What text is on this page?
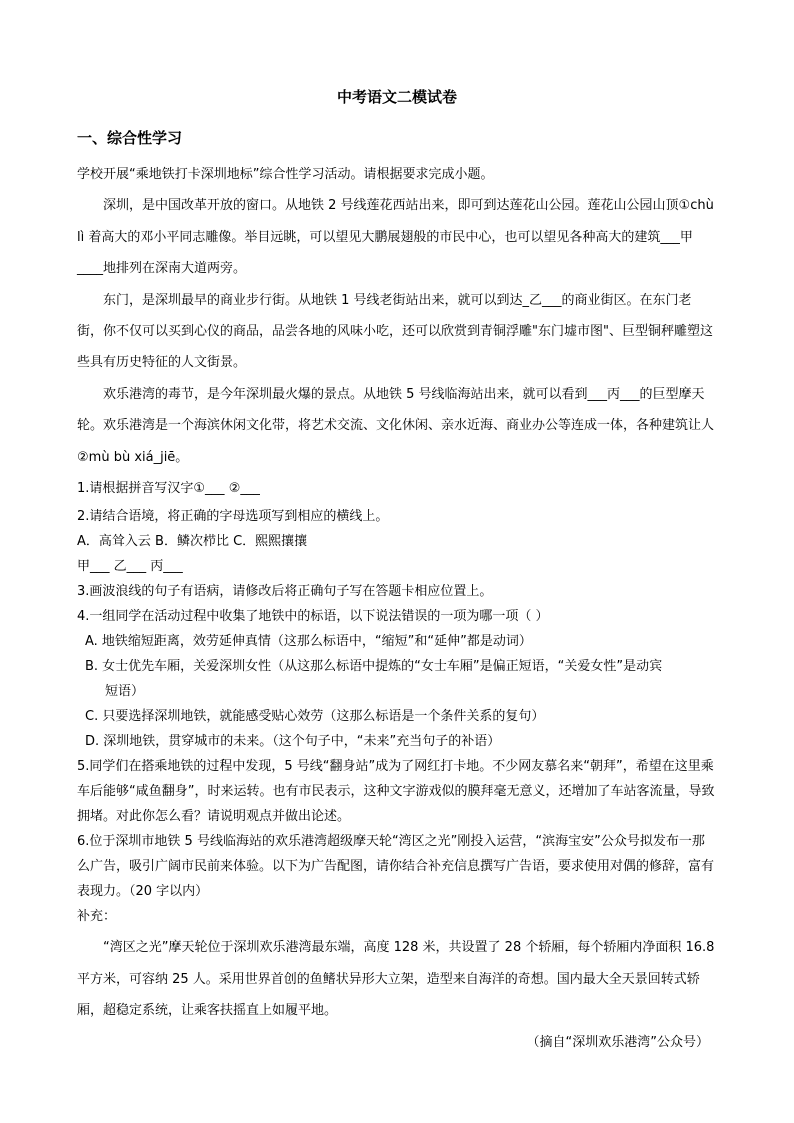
中考语文二模试卷
一、综合性学习

学校开展“乘地铁打卡深圳地标”综合性学习活动。请根据要求完成小题。

深圳，是中国改革开放的窗口。从地铁 2 号线莲花西站出来，即可到达莲花山公园。莲花山公园山顶①chù lì 着高大的邓小平同志雕像。举目远眺，可以望见大鹏展翅般的市民中心，也可以望见各种高大的建筑___甲____地排列在深南大道两旁。

东门，是深圳最早的商业步行街。从地铁 1 号线老街站出来，就可以到达_乙___的商业街区。在东门老街，你不仅可以买到心仪的商品，品尝各地的风味小吃，还可以欣赏到青铜浮雕"东门墟市图"、巨型铜秤雕塑这些具有历史特征的人文街景。

欢乐港湾的毒节，是今年深圳最火爆的景点。从地铁 5 号线临海站出来，就可以看到___丙___的巨型摩天轮。欢乐港湾是一个海滨休闲文化带，将艺术交流、文化休闲、亲水近海、商业办公等连成一体，各种建筑让人②mù bù xiá_jiē。

1.请根据拼音写汉字①___ ②___

2.请结合语境，将正确的字母选项写到相应的横线上。

A．高耸入云 B．鳞次栉比 C．熙熙攘攘

甲___ 乙___ 丙___

3.画波浪线的句子有语病，请修改后将正确句子写在答题卡相应位置上。

4.一组同学在活动过程中收集了地铁中的标语，以下说法错误的一项为哪一项（ ）

A. 地铁缩短距离，效劳延伸真情（这那么标语中，“缩短”和“延伸”都是动词）

B. 女士优先车厢，关爱深圳女性（从这那么标语中提炼的“女士车厢”是偏正短语，“关爱女性”是动宾

短语）

C. 只要选择深圳地铁，就能感受贴心效劳（这那么标语是一个条件关系的复句）

D. 深圳地铁，贯穿城市的未来。（这个句子中，“未来”充当句子的补语）

5.同学们在搭乘地铁的过程中发现，5 号线“翻身站”成为了网红打卡地。不少网友慕名来“朝拜”，希望在这里乘车后能够“咸鱼翻身”，时来运转。也有市民表示，这种文字游戏似的膜拜毫无意义，还增加了车站客流量，导致拥堵。对此你怎么看？请说明观点并做出论述。

6.位于深圳市地铁 5 号线临海站的欢乐港湾超级摩天轮“湾区之光”刚投入运营，“滨海宝安”公众号拟发布一那么广告，吸引广阔市民前来体验。以下为广告配图，请你结合补充信息撰写广告语，要求使用对偶的修辞，富有表现力。（20 字以内）

补充：

“湾区之光”摩天轮位于深圳欢乐港湾最东端，高度 128 米，共设置了 28 个轿厢，每个轿厢内净面积 16.8 平方米，可容纳 25 人。采用世界首创的鱼鳍状异形大立架，造型来自海洋的奇想。国内最大全天景回转式轿厢，超稳定系统，让乘客扶摇直上如履平地。

（摘自“深圳欢乐港湾”公众号）
